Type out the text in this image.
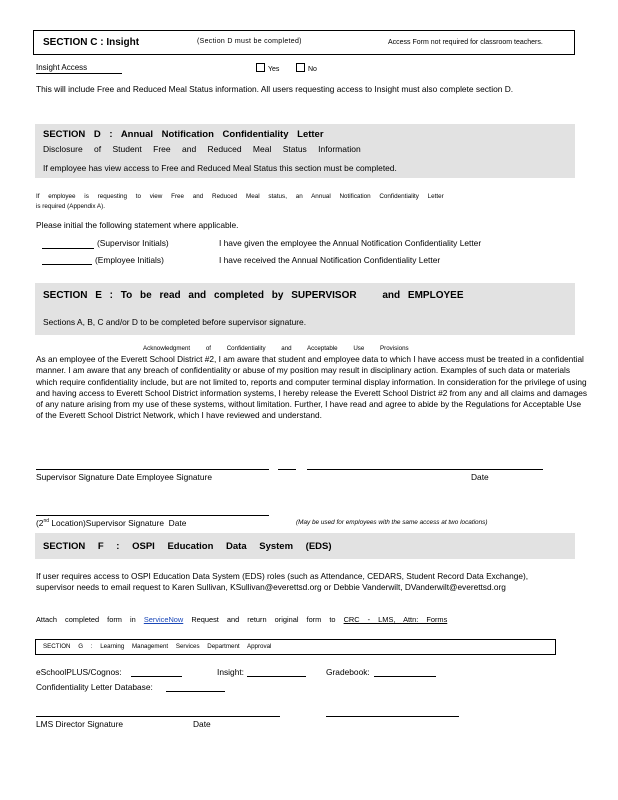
SECTION C : Insight	(Section D must be completed)	Access Form not required for classroom teachers.
Insight Access	Yes	No
This will include Free and Reduced Meal Status information. All users requesting access to Insight must also complete section D.
SECTION D : Annual Notification Confidentiality Letter
Disclosure of Student Free and Reduced Meal Status Information
If employee has view access to Free and Reduced Meal Status this section must be completed.
If employee is requesting to view Free and Reduced Meal status, an Annual Notification Confidentiality Letter
is required (Appendix A).
Please initial the following statement where applicable.
(Supervisor Initials)	I have given the employee the Annual Notification Confidentiality Letter
(Employee Initials)	I have received the Annual Notification Confidentiality Letter
SECTION E : To be read and completed by SUPERVISOR	and EMPLOYEE
Sections A, B, C and/or D to be completed before supervisor signature.
Acknowledgment of Confidentiality and Acceptable Use Provisions
As an employee of the Everett School District #2, I am aware that student and employee data to which I have access must be treated in a confidential manner. I am aware that any breach of confidentiality or abuse of my position may result in disciplinary action. Examples of such data or materials which require confidentiality include, but are not limited to, reports and computer terminal display information. In consideration for the privilege of using and having access to Everett School District information systems, I hereby release the Everett School District #2 from any and all claims and damages of any nature arising from my use of these systems, without limitation. Further, I have read and agree to abide by the Regulations for Acceptable Use of the Everett School District Network, which I have reviewed and understand.
Supervisor Signature Date Employee Signature	Date
(2nd Location)Supervisor Signature  Date	(May be used for employees with the same access at two locations)
SECTION F : OSPI Education Data System (EDS)
If user requires access to OSPI Education Data System (EDS) roles (such as Attendance, CEDARS, Student Record Data Exchange), supervisor needs to email request to Karen Sullivan, KSullivan@everettsd.org or Debbie Vanderwilt, DVanderwilt@everettsd.org
Attach completed form in ServiceNow Request and return original form to CRC - LMS, Attn: Forms
SECTION G : Learning Management Services Department Approval
eSchoolPLUS/Cognos:	Insight:	Gradebook:
Confidentiality Letter Database:
LMS Director Signature	Date
